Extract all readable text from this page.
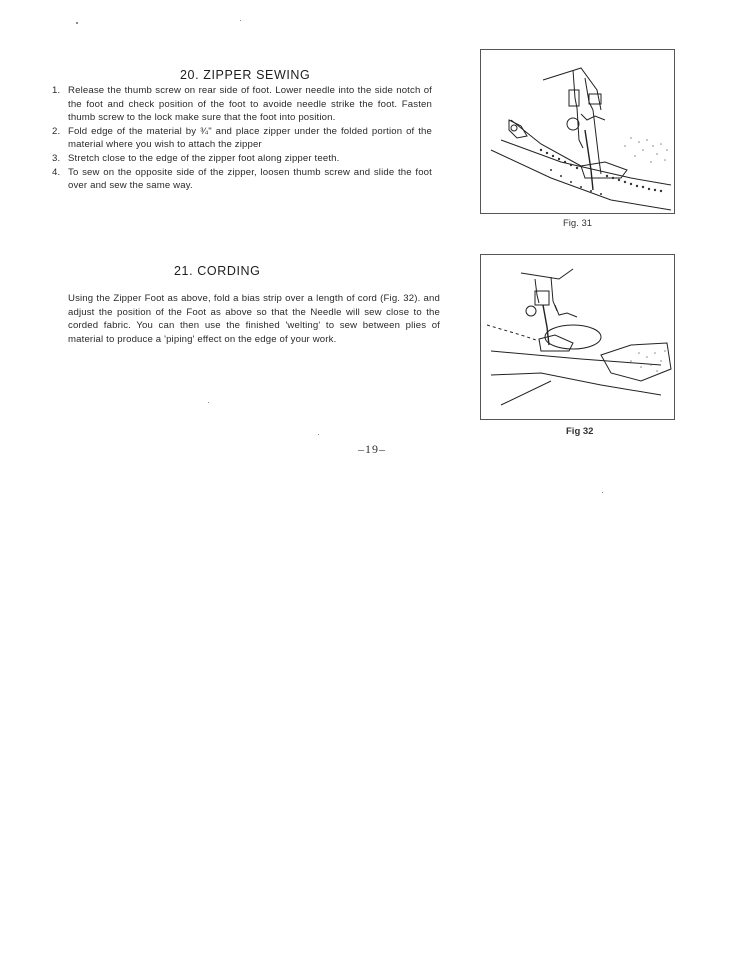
20. ZIPPER SEWING
1. Release the thumb screw on rear side of foot. Lower needle into the side notch of the foot and check position of the foot to avoide needle strike the foot. Fasten thumb screw to the lock make sure that the foot into position.
2. Fold edge of the material by ¾" and place zipper under the folded portion of the material where you wish to attach the zipper
3. Stretch close to the edge of the zipper foot along zipper teeth.
4. To sew on the opposite side of the zipper, loosen thumb screw and slide the foot over and sew the same way.
21. CORDING

Using the Zipper Foot as above, fold a bias strip over a length of cord (Fig. 32). and adjust the position of the Foot as above so that the Needle will sew close to the corded fabric. You can then use the finished 'welting' to sew between plies of material to produce a 'piping' effect on the edge of your work.

Fig. 31
Fig 32
–19–
